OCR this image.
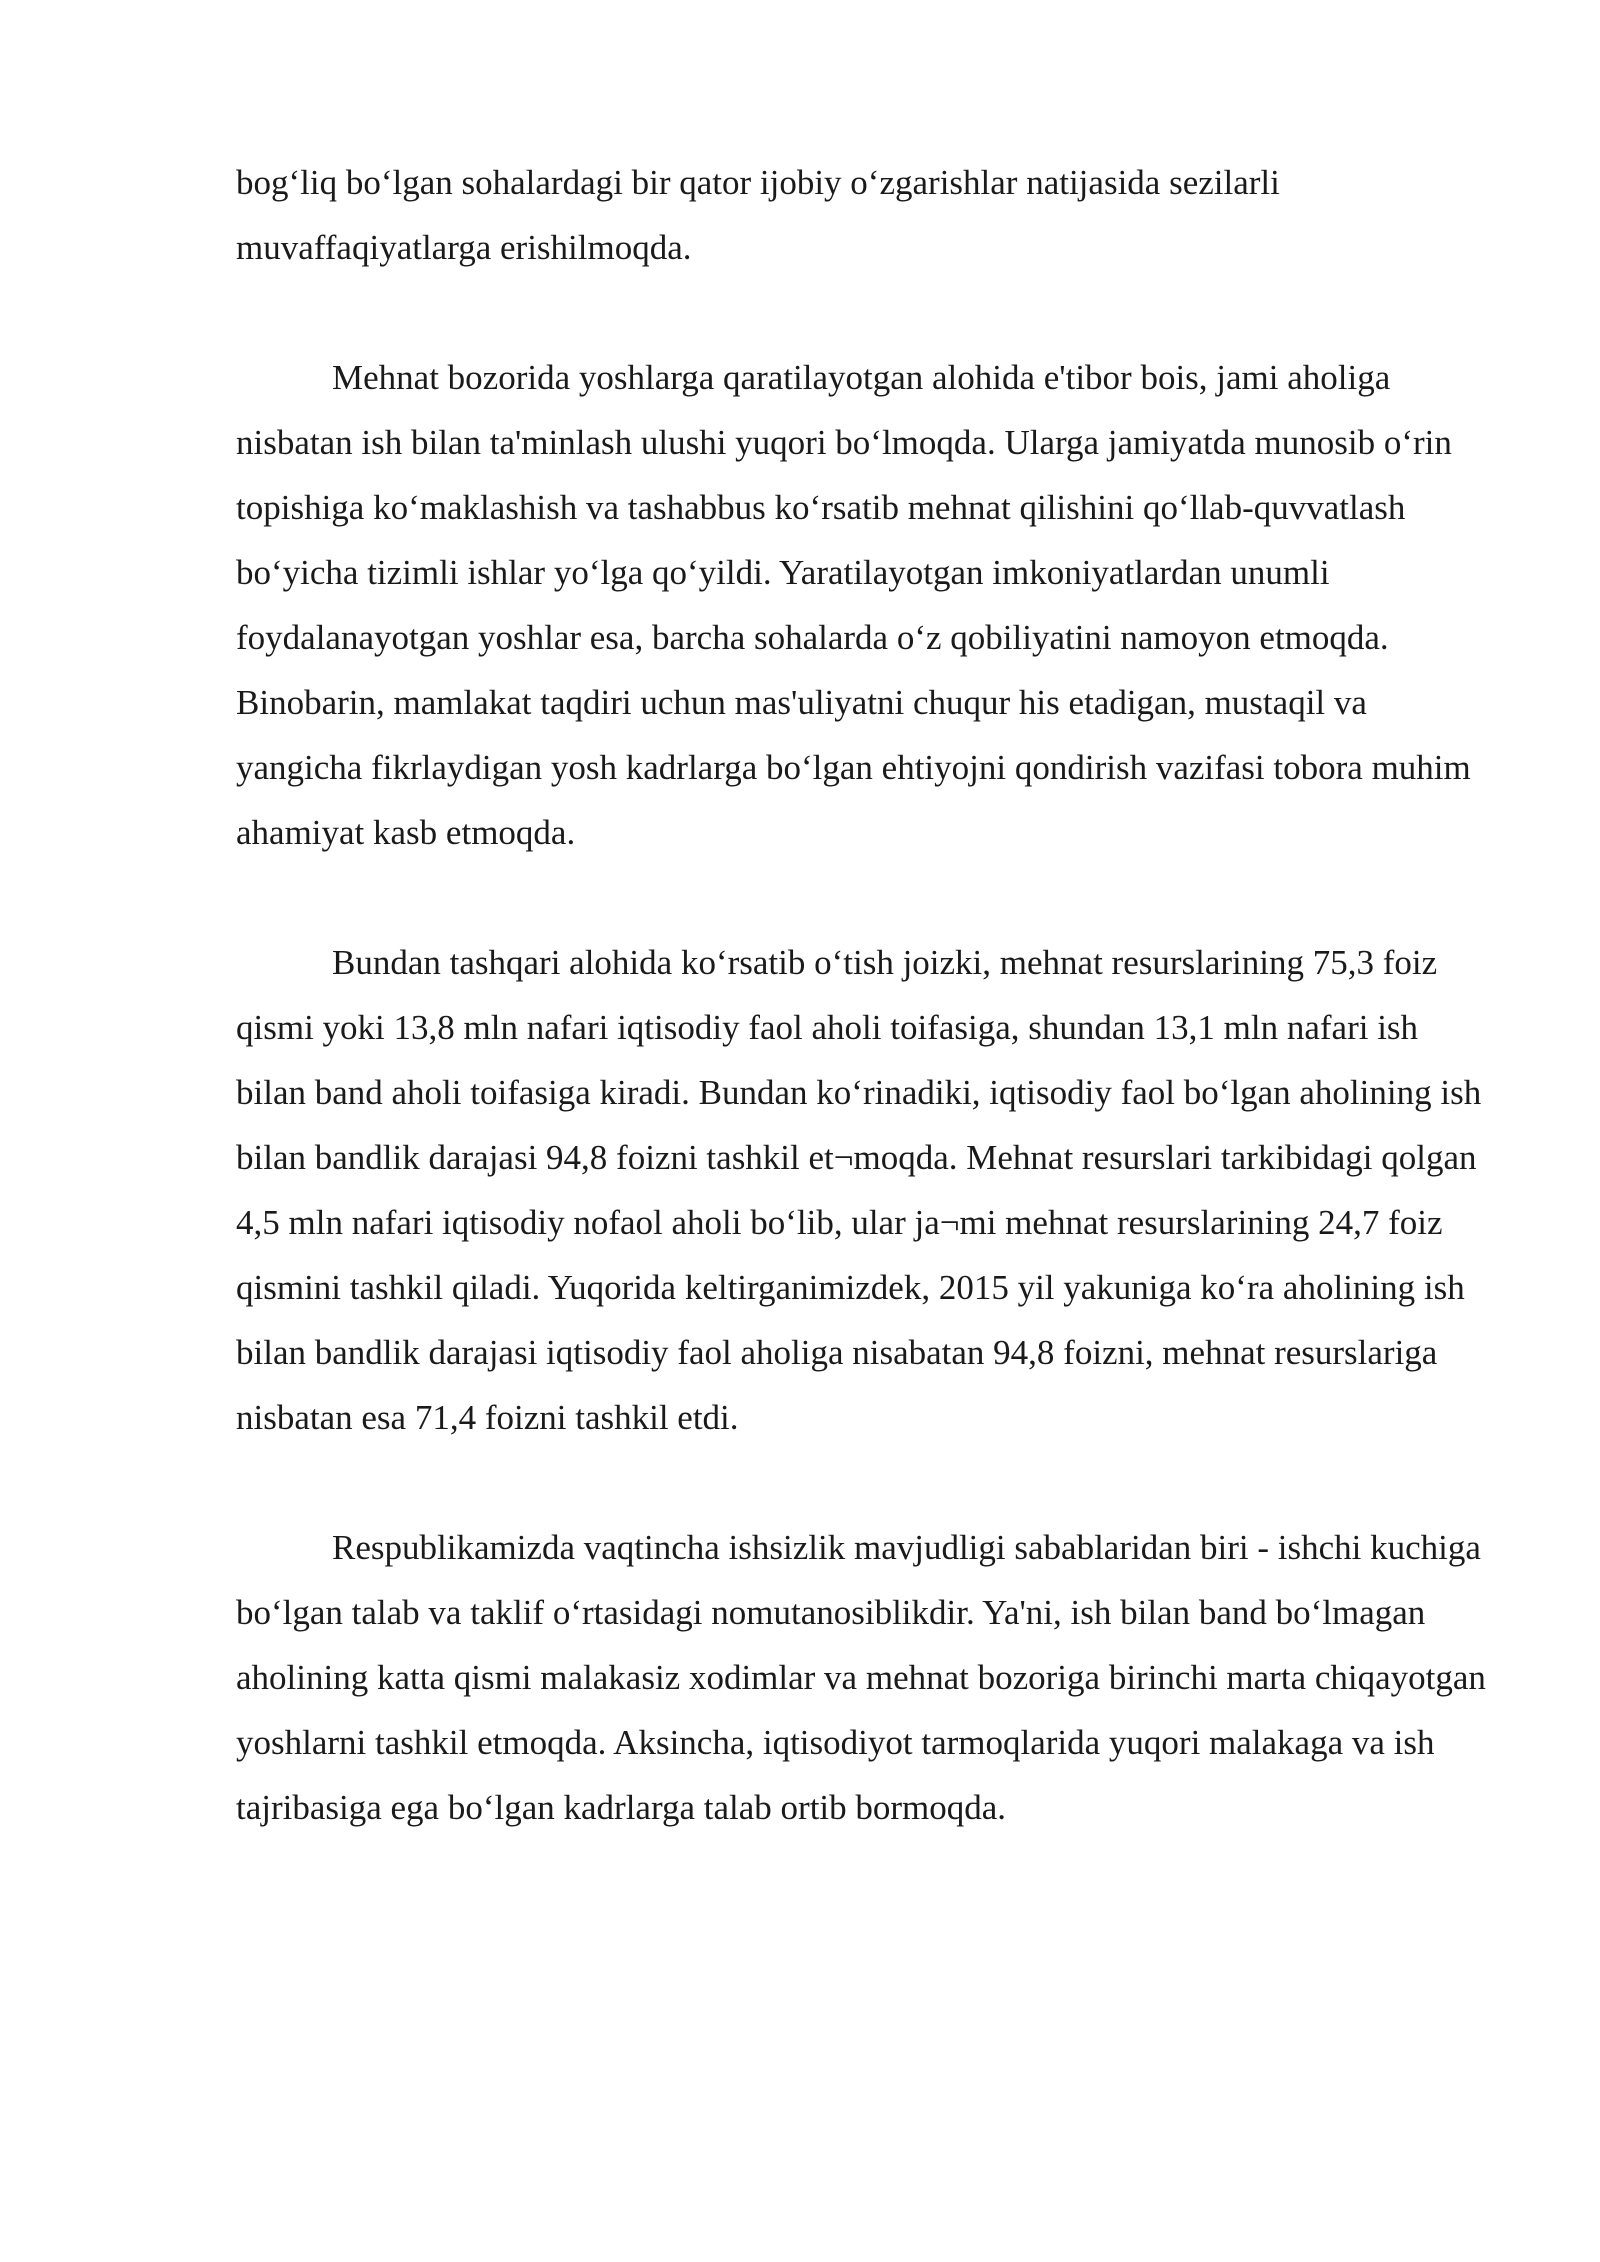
bog‘liq bo‘lgan sohalardagi bir qator ijobiy o‘zgarishlar natijasida sezilarli muvaffaqiyatlarga erishilmoqda.

Mehnat bozorida yoshlarga qaratilayotgan alohida e'tibor bois, jami aholiga nisbatan ish bilan ta'minlash ulushi yuqori bo‘lmoqda. Ularga jamiyatda munosib o‘rin topishiga ko‘maklashish va tashabbus ko‘rsatib mehnat qilishini qo‘llab-quvvatlash bo‘yicha tizimli ishlar yo‘lga qo‘yildi. Yaratilayotgan imkoniyatlardan unumli foydalanayotgan yoshlar esa, barcha sohalarda o‘z qobiliyatini namoyon etmoqda. Binobarin, mamlakat taqdiri uchun mas'uliyatni chuqur his etadigan, mustaqil va yangicha fikrlaydigan yosh kadrlarga bo‘lgan ehtiyojni qondirish vazifasi tobora muhim ahamiyat kasb etmoqda.

Bundan tashqari alohida ko‘rsatib o‘tish joizki, mehnat resurslarining 75,3 foiz qismi yoki 13,8 mln nafari iqtisodiy faol aholi toifasiga, shundan 13,1 mln nafari ish bilan band aholi toifasiga kiradi. Bundan ko‘rinadiki, iqtisodiy faol bo‘lgan aholining ish bilan bandlik darajasi 94,8 foizni tashkil et¬moqda. Mehnat resurslari tarkibidagi qolgan 4,5 mln nafari iqtisodiy nofaol aholi bo‘lib, ular ja¬mi mehnat resurslarining 24,7 foiz qismini tashkil qiladi. Yuqorida keltirganimizdek, 2015 yil yakuniga ko‘ra aholining ish bilan bandlik darajasi iqtisodiy faol aholiga nisabatan 94,8 foizni, mehnat resurslariga nisbatan esa 71,4 foizni tashkil etdi.

Respublikamizda vaqtincha ishsizlik mavjudligi sabablaridan biri - ishchi kuchiga bo‘lgan talab va taklif o‘rtasidagi nomutanosiblikdir. Ya'ni, ish bilan band bo‘lmagan aholining katta qismi malakasiz xodimlar va mehnat bozoriga birinchi marta chiqayotgan yoshlarni tashkil etmoqda. Aksincha, iqtisodiyot tarmoqlarida yuqori malakaga va ish tajribasiga ega bo‘lgan kadrlarga talab ortib bormoqda.
